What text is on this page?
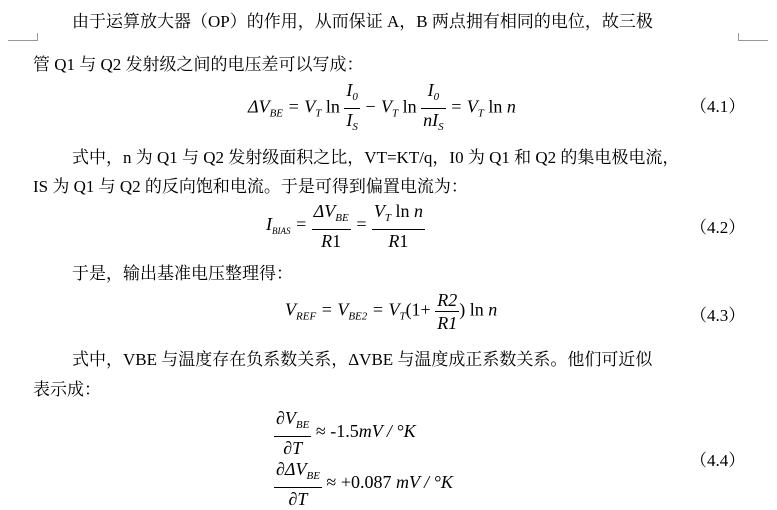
由于运算放大器（OP）的作用，从而保证 A，B 两点拥有相同的电位，故三极
管 Q1 与 Q2 发射级之间的电压差可以写成：
$\Delta V_{BE} = V_T$ $\ln \frac{I_0}{I_S} - V_T$ $\ln \frac{I_0}{nI_S} = V_T$ ln n	（4.1）
式中，n 为 Q1 与 Q2 发射级面积之比，VT=KT/q，I0 为 Q1 和 Q2 的集电极电流，
IS 为 Q1 与 Q2 的反向饱和电流。于是可得到偏置电流为：
$I_{BIAS} = \frac{\Delta V_{BE}}{R1} = \frac{V_T \ln n}{R1}$	（4.2）
于是，输出基准电压整理得：
$V_{REF} = V_{BE2} = V_T(1+ \frac{R2}{R1}$ ) ln n	（4.3）
式中，VBE 与温度存在负系数关系，ΔVBE 与温度成正系数关系。他们可近似
表示成：
$\frac{\partial V_{BE}}{\partial T} \approx -1.5mV / ^\circ K$
$\frac{\partial\Delta V_{BE}}{\partial T} \approx +0.087$ mV / °K
（4.4）
